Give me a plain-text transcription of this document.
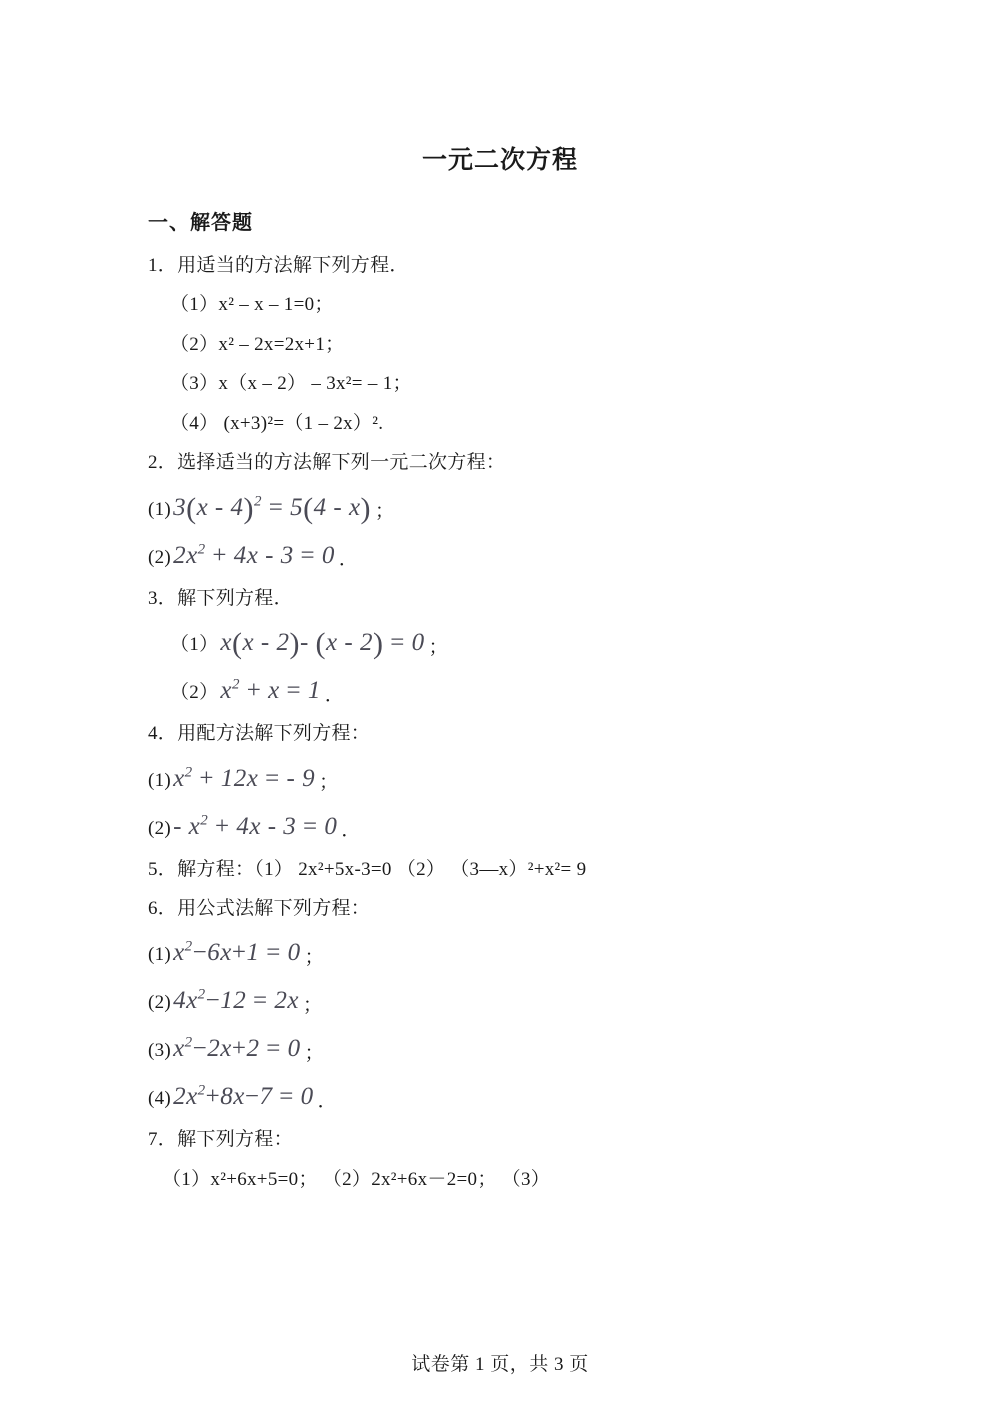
一元二次方程
一、解答题
1．用适当的方法解下列方程．
（1）x² – x – 1=0；
（2）x² – 2x=2x+1；
（3）x（x – 2） – 3x²= – 1；
（4） (x+3)²=（1 – 2x）².
2．选择适当的方法解下列一元二次方程：
(1) 3(x - 4)$^2$ = 5(4 - x) ；
(2) $2x^2 + 4x - 3 = 0$ ．
3．解下列方程．
（1） x(x - 2)- (x - 2) = 0 ；
（2） $x^2 + x = 1$ ．
4．用配方法解下列方程：
(1) $x^2 + 12x$ = - 9 ；
$(2) - x^2 + 4x - 3 = 0$ ．
5．解方程：（1） 2x²+5x-3=0 （2） （3—x）²+x²= 9
6．用公式法解下列方程：
(1) $x^2-6x+1 = 0$ ；
(2) $4x^2-12 = 2x$ ；
(3) $x^2-2x+2 = 0$ ；
(4) $2x^2+8x-7 = 0$ ．
7．解下列方程：
（1）x²+6x+5=0； （2）2x²+6x－2=0； （3）
试卷第 1 页，共 3 页
